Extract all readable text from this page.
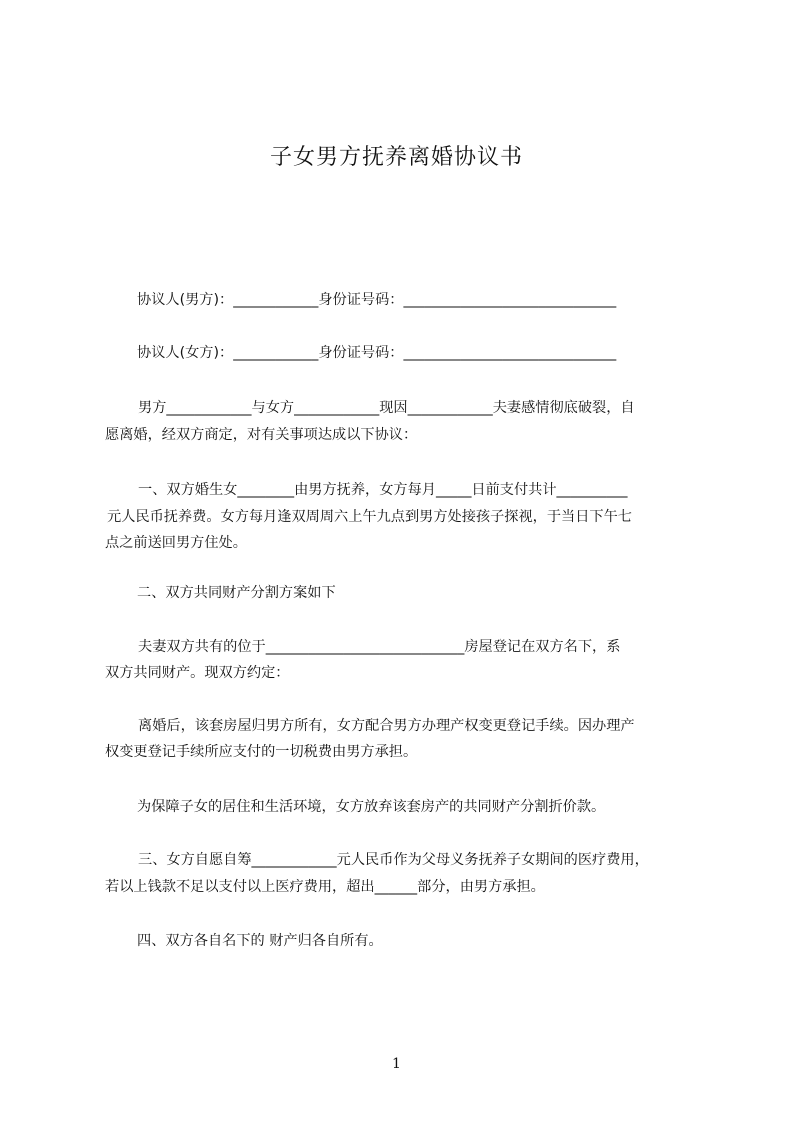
子女男方抚养离婚协议书
协议人(男方)：____________身份证号码：______________________________
协议人(女方)：____________身份证号码：______________________________
男方____________与女方____________现因____________夫妻感情彻底破裂，自
愿离婚，经双方商定，对有关事项达成以下协议：
一、双方婚生女________由男方抚养，女方每月_____日前支付共计__________
元人民币抚养费。女方每月逢双周周六上午九点到男方处接孩子探视，于当日下午七
点之前送回男方住处。
二、双方共同财产分割方案如下
夫妻双方共有的位于____________________________房屋登记在双方名下，系
双方共同财产。现双方约定：
离婚后，该套房屋归男方所有，女方配合男方办理产权变更登记手续。因办理产
权变更登记手续所应支付的一切税费由男方承担。
为保障子女的居住和生活环境，女方放弃该套房产的共同财产分割折价款。
三、女方自愿自筹____________元人民币作为父母义务抚养子女期间的医疗费用，
若以上钱款不足以支付以上医疗费用，超出______部分，由男方承担。
四、双方各自名下的 财产归各自所有。
1
